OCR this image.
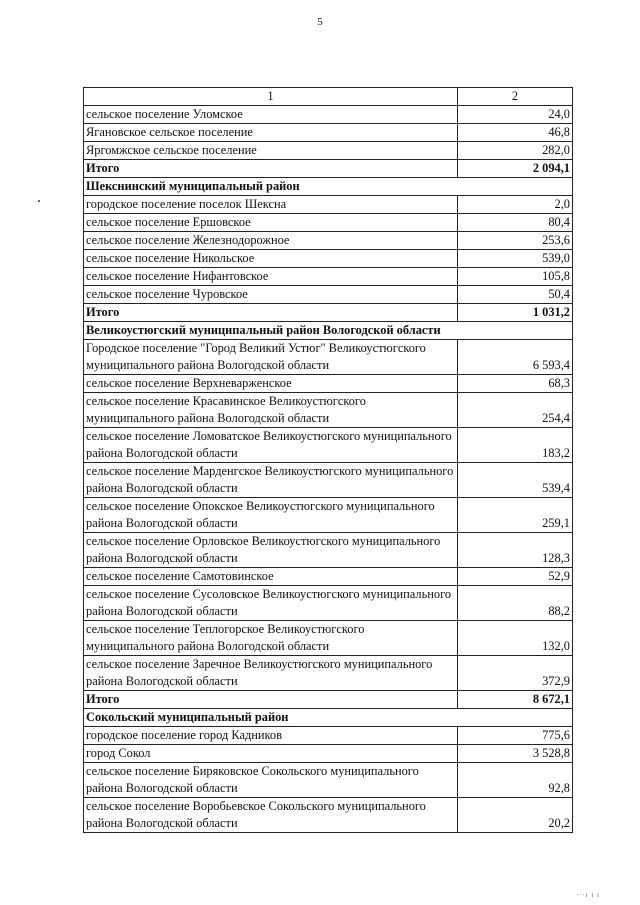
5
1	2
сельское поселение Уломское	24,0
Ягановское сельское поселение	46,8
Яргомжское сельское поселение	282,0
Итого	2 094,1
Шекснинский муниципальный район	
городское поселение поселок Шексна	2,0
сельское поселение Ершовское	80,4
сельское поселение Железнодорожное	253,6
сельское поселение Никольское	539,0
сельское поселение Нифантовское	105,8
сельское поселение Чуровское	50,4
Итого	1 031,2
Великоустюгский муниципальный район Вологодской области	
Городское поселение "Город Великий Устюг" Великоустюгского муниципального района Вологодской области	6 593,4
сельское поселение Верхневарженское	68,3
сельское поселение Красавинское Великоустюгского муниципального района Вологодской области	254,4
сельское поселение Ломоватское Великоустюгского муниципального района Вологодской области	183,2
сельское поселение Марденгское Великоустюгского муниципального района Вологодской области	539,4
сельское поселение Опокское Великоустюгского муниципального района Вологодской области	259,1
сельское поселение Орловское Великоустюгского муниципального района Вологодской области	128,3
сельское поселение Самотовинское	52,9
сельское поселение Сусоловское Великоустюгского муниципального района Вологодской области	88,2
сельское поселение Теплогорское Великоустюгского муниципального района Вологодской области	132,0
сельское поселение Заречное Великоустюгского муниципального района Вологодской области	372,9
Итого	8 672,1
Сокольский муниципальный район	
городское поселение город Кадников	775,6
город Сокол	3 528,8
сельское поселение Биряковское Сокольского муниципального района Вологодской области	92,8
сельское поселение Воробьевское Сокольского муниципального района Вологодской области	20,2
· ·ɪ ɪ ɪ
